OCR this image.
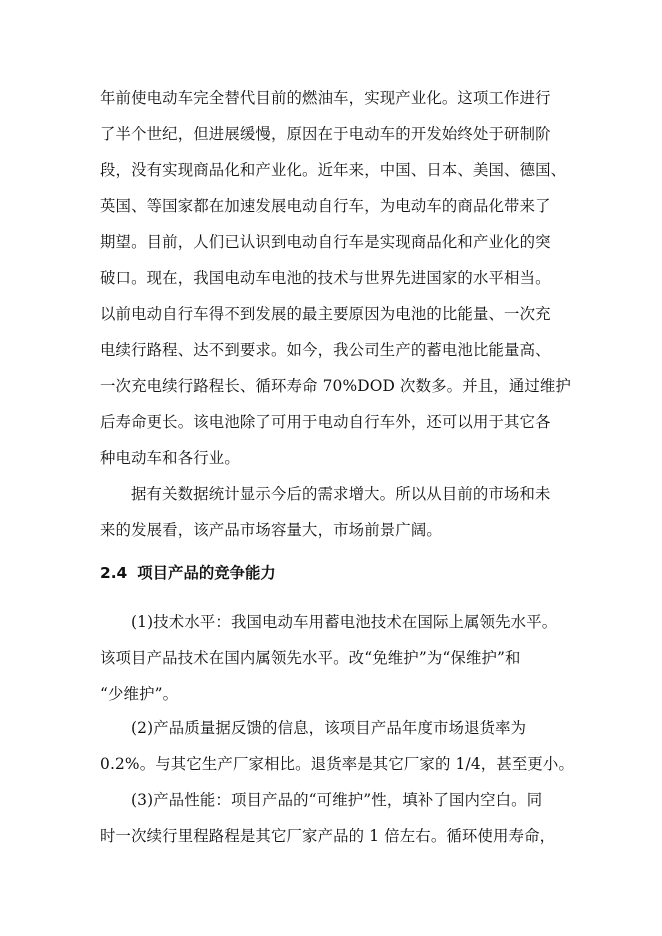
年前使电动车完全替代目前的燃油车，实现产业化。这项工作进行
了半个世纪，但进展缓慢，原因在于电动车的开发始终处于研制阶
段，没有实现商品化和产业化。近年来，中国、日本、美国、德国、
英国、等国家都在加速发展电动自行车，为电动车的商品化带来了
期望。目前，人们已认识到电动自行车是实现商品化和产业化的突
破口。现在，我国电动车电池的技术与世界先进国家的水平相当。
以前电动自行车得不到发展的最主要原因为电池的比能量、一次充
电续行路程、达不到要求。如今，我公司生产的蓄电池比能量高、
一次充电续行路程长、循环寿命 70%DOD 次数多。并且，通过维护
后寿命更长。该电池除了可用于电动自行车外，还可以用于其它各
种电动车和各行业。
据有关数据统计显示今后的需求增大。所以从目前的市场和未
来的发展看，该产品市场容量大，市场前景广阔。
2.4 项目产品的竞争能力
(1)技术水平：我国电动车用蓄电池技术在国际上属领先水平。
该项目产品技术在国内属领先水平。改“免维护”为“保维护”和
“少维护”。
(2)产品质量据反馈的信息，该项目产品年度市场退货率为
0.2%。与其它生产厂家相比。退货率是其它厂家的 1/4，甚至更小。
(3)产品性能：项目产品的“可维护”性，填补了国内空白。同
时一次续行里程路程是其它厂家产品的 1 倍左右。循环使用寿命，
